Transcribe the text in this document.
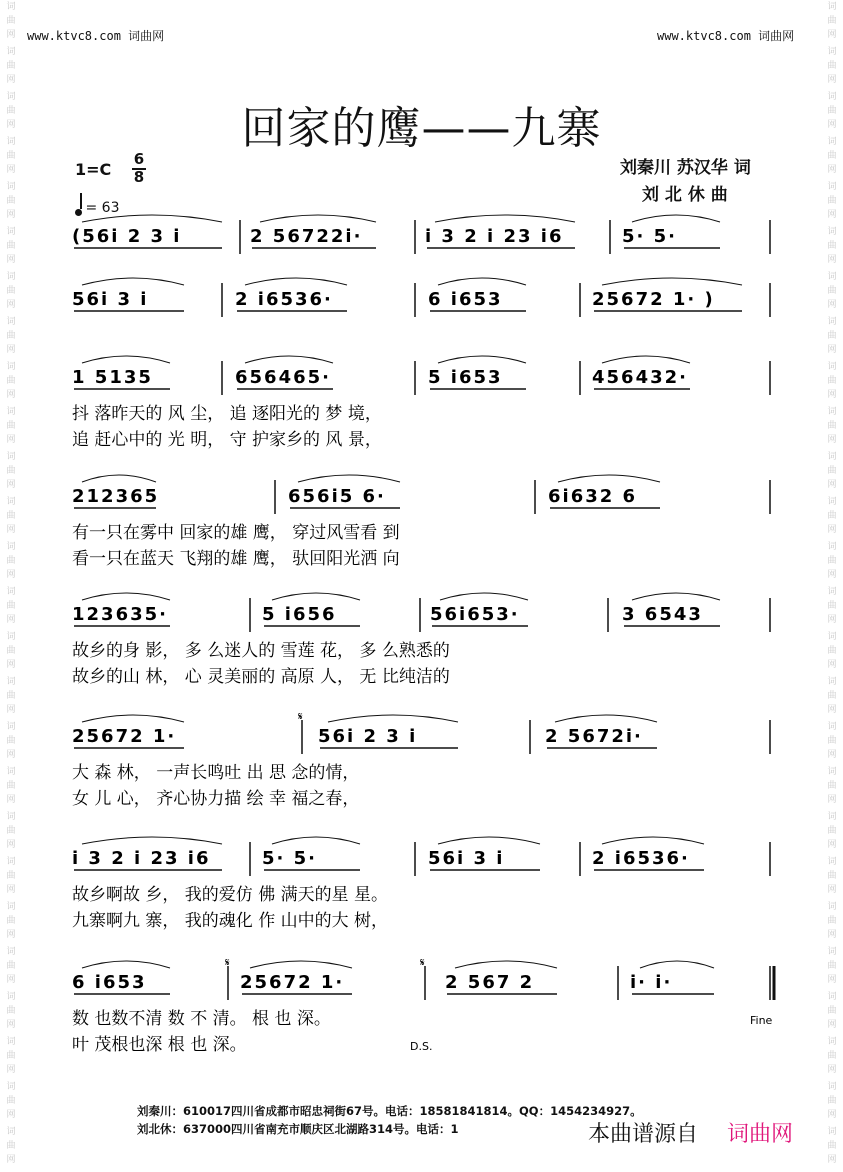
词
曲
网
词
曲
网
词
曲
网
词
曲
网
词
曲
网
词
曲
网
词
曲
网
词
曲
网
词
曲
网
词
曲
网
词
曲
网
词
曲
网
词
曲
网
词
曲
网
词
曲
网
词
曲
网
词
曲
网
词
曲
网
词
曲
网
词
曲
网
词
曲
网
词
曲
网
词
曲
网
词
曲
网
词
曲
网
词
曲
网
词
曲
网
词
曲
网
词
曲
网
词
曲
网
词
曲
网
词
曲
网
词
曲
网
词
曲
网
词
曲
网
词
曲
网
词
曲
网
词
曲
网
词
曲
网
词
曲
网
词
曲
网
词
曲
网
词
曲
网
词
曲
网
词
曲
网
词
曲
网
词
曲
网
词
曲
网
词
曲
网
词
曲
网
词
曲
网
词
曲
网
www.ktvc8.com 词曲网	www.ktvc8.com 词曲网
回家的鹰——九寨
1=C
6
8
= 63
刘秦川 苏汉华 词
刘 北 休 曲
(56i 2 3 i	2 56722i·	i 3 2 i 23 i6	5· 5·
56i 3 i	2 i6536·	6 i653	25672 1· )
1 5135	656465·	5 i653	456432·
抖 落昨天的 风 尘， 追 逐阳光的 梦 境，
追 赶心中的 光 明， 守 护家乡的 风 景，
212365	656i5 6·	6i632 6
有一只在雾中 回家的雄 鹰， 穿过风雪看 到
看一只在蓝天 飞翔的雄 鹰， 驮回阳光洒 向
123635·	5 i656	56i653·	3 6543
故乡的身 影， 多 么迷人的 雪莲 花， 多 么熟悉的
故乡的山 林， 心 灵美丽的 高原 人， 无 比纯洁的
25672 1·	56i 2 3 i	2 5672i·
大 森 林， 一声长鸣吐 出 思 念的情，
女 儿 心， 齐心协力描 绘 幸 福之春，
i 3 2 i 23 i6	5· 5·	56i 3 i	2 i6536·
故乡啊故 乡， 我的爱仿 佛 满天的星 星。
九寨啊九 寨， 我的魂化 作 山中的大 树，
6 i653	25672 1·	2 567 2	i· i·
数 也数不清 数 不 清。 根 也 深。
叶 茂根也深 根 也 深。
Fine
D.S.
𝄋
𝄋	𝄋
刘秦川：610017四川省成都市昭忠祠街67号。电话：18581841814。QQ：1454234927。
刘北休：637000四川省南充市顺庆区北湖路314号。电话：1	本曲谱源自 词曲网
